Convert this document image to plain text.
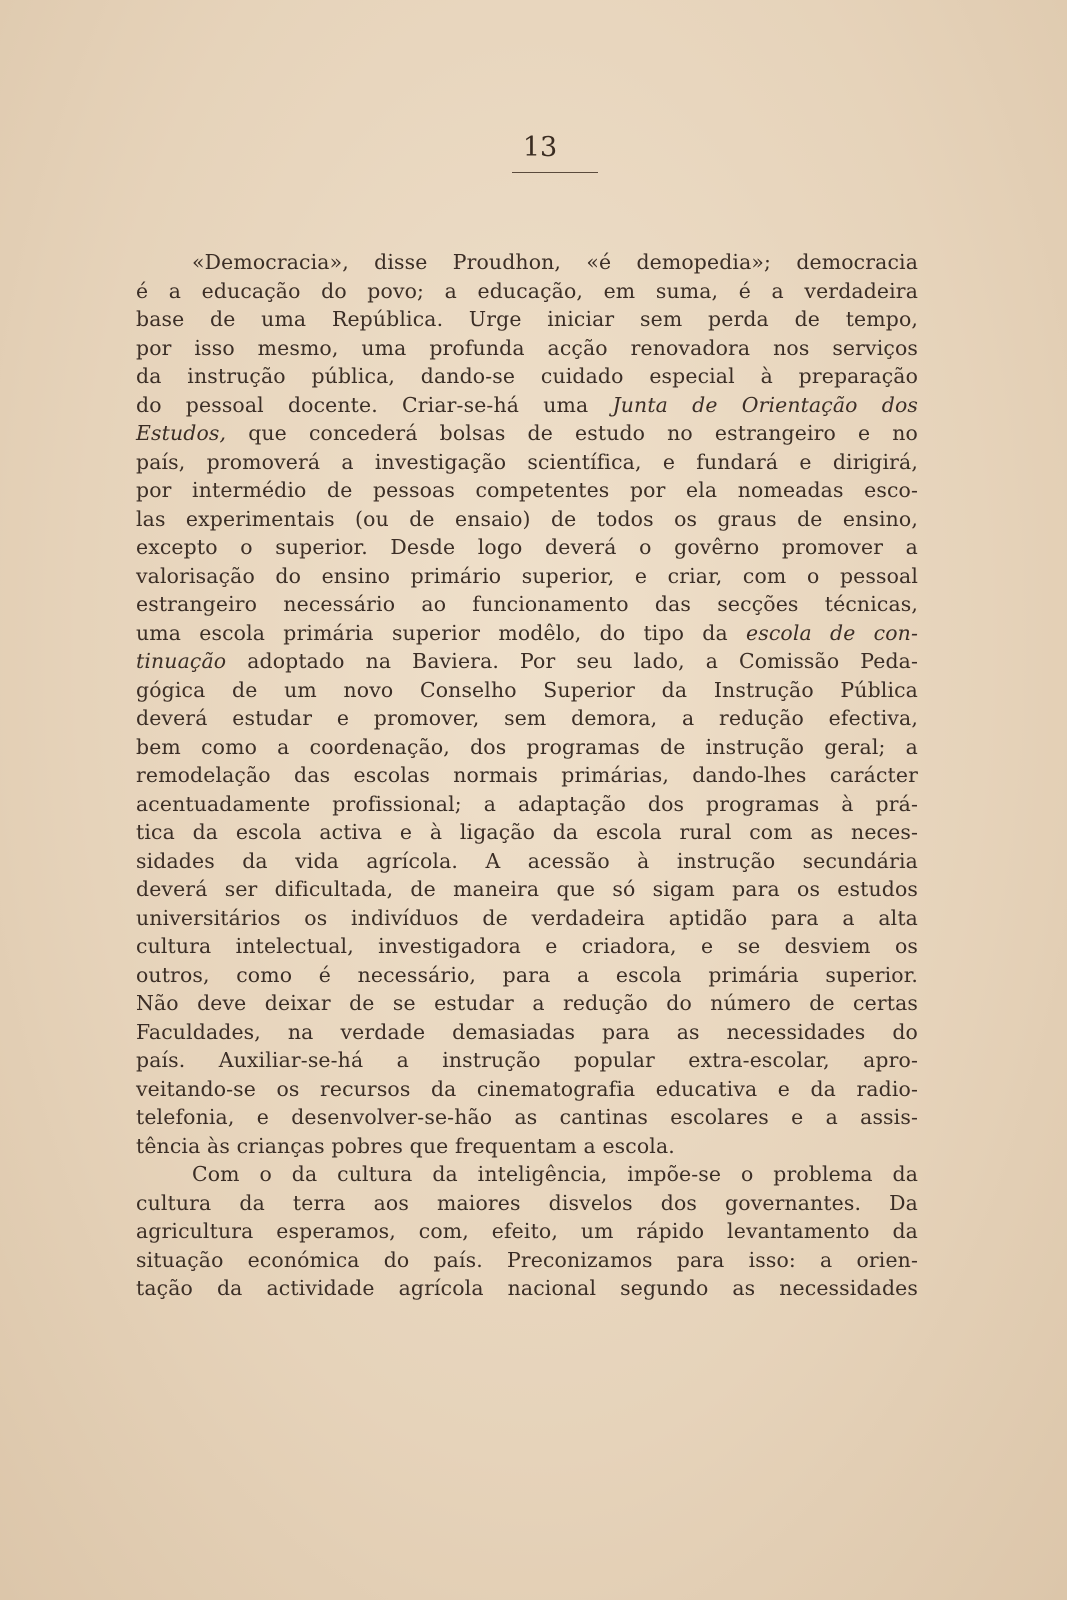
13
«Democracia», disse Proudhon, «é demopedia»; democracia
é a educação do povo; a educação, em suma, é a verdadeira
base de uma República. Urge iniciar sem perda de tempo,
por isso mesmo, uma profunda acção renovadora nos serviços
da instrução pública, dando-se cuidado especial à preparação
do pessoal docente. Criar-se-há uma Junta de Orientação dos
Estudos, que concederá bolsas de estudo no estrangeiro e no
país, promoverá a investigação scientífica, e fundará e dirigirá,
por intermédio de pessoas competentes por ela nomeadas esco-
las experimentais (ou de ensaio) de todos os graus de ensino,
excepto o superior. Desde logo deverá o govêrno promover a
valorisação do ensino primário superior, e criar, com o pessoal
estrangeiro necessário ao funcionamento das secções técnicas,
uma escola primária superior modêlo, do tipo da escola de con-
tinuação adoptado na Baviera. Por seu lado, a Comissão Peda-
gógica de um novo Conselho Superior da Instrução Pública
deverá estudar e promover, sem demora, a redução efectiva,
bem como a coordenação, dos programas de instrução geral; a
remodelação das escolas normais primárias, dando-lhes carácter
acentuadamente profissional; a adaptação dos programas à prá-
tica da escola activa e à ligação da escola rural com as neces-
sidades da vida agrícola. A acessão à instrução secundária
deverá ser dificultada, de maneira que só sigam para os estudos
universitários os indivíduos de verdadeira aptidão para a alta
cultura intelectual, investigadora e criadora, e se desviem os
outros, como é necessário, para a escola primária superior.
Não deve deixar de se estudar a redução do número de certas
Faculdades, na verdade demasiadas para as necessidades do
país. Auxiliar-se-há a instrução popular extra-escolar, apro-
veitando-se os recursos da cinematografia educativa e da radio-
telefonia, e desenvolver-se-hão as cantinas escolares e a assis-
tência às crianças pobres que frequentam a escola.
Com o da cultura da inteligência, impõe-se o problema da
cultura da terra aos maiores disvelos dos governantes. Da
agricultura esperamos, com, efeito, um rápido levantamento da
situação económica do país. Preconizamos para isso: a orien-
tação da actividade agrícola nacional segundo as necessidades
